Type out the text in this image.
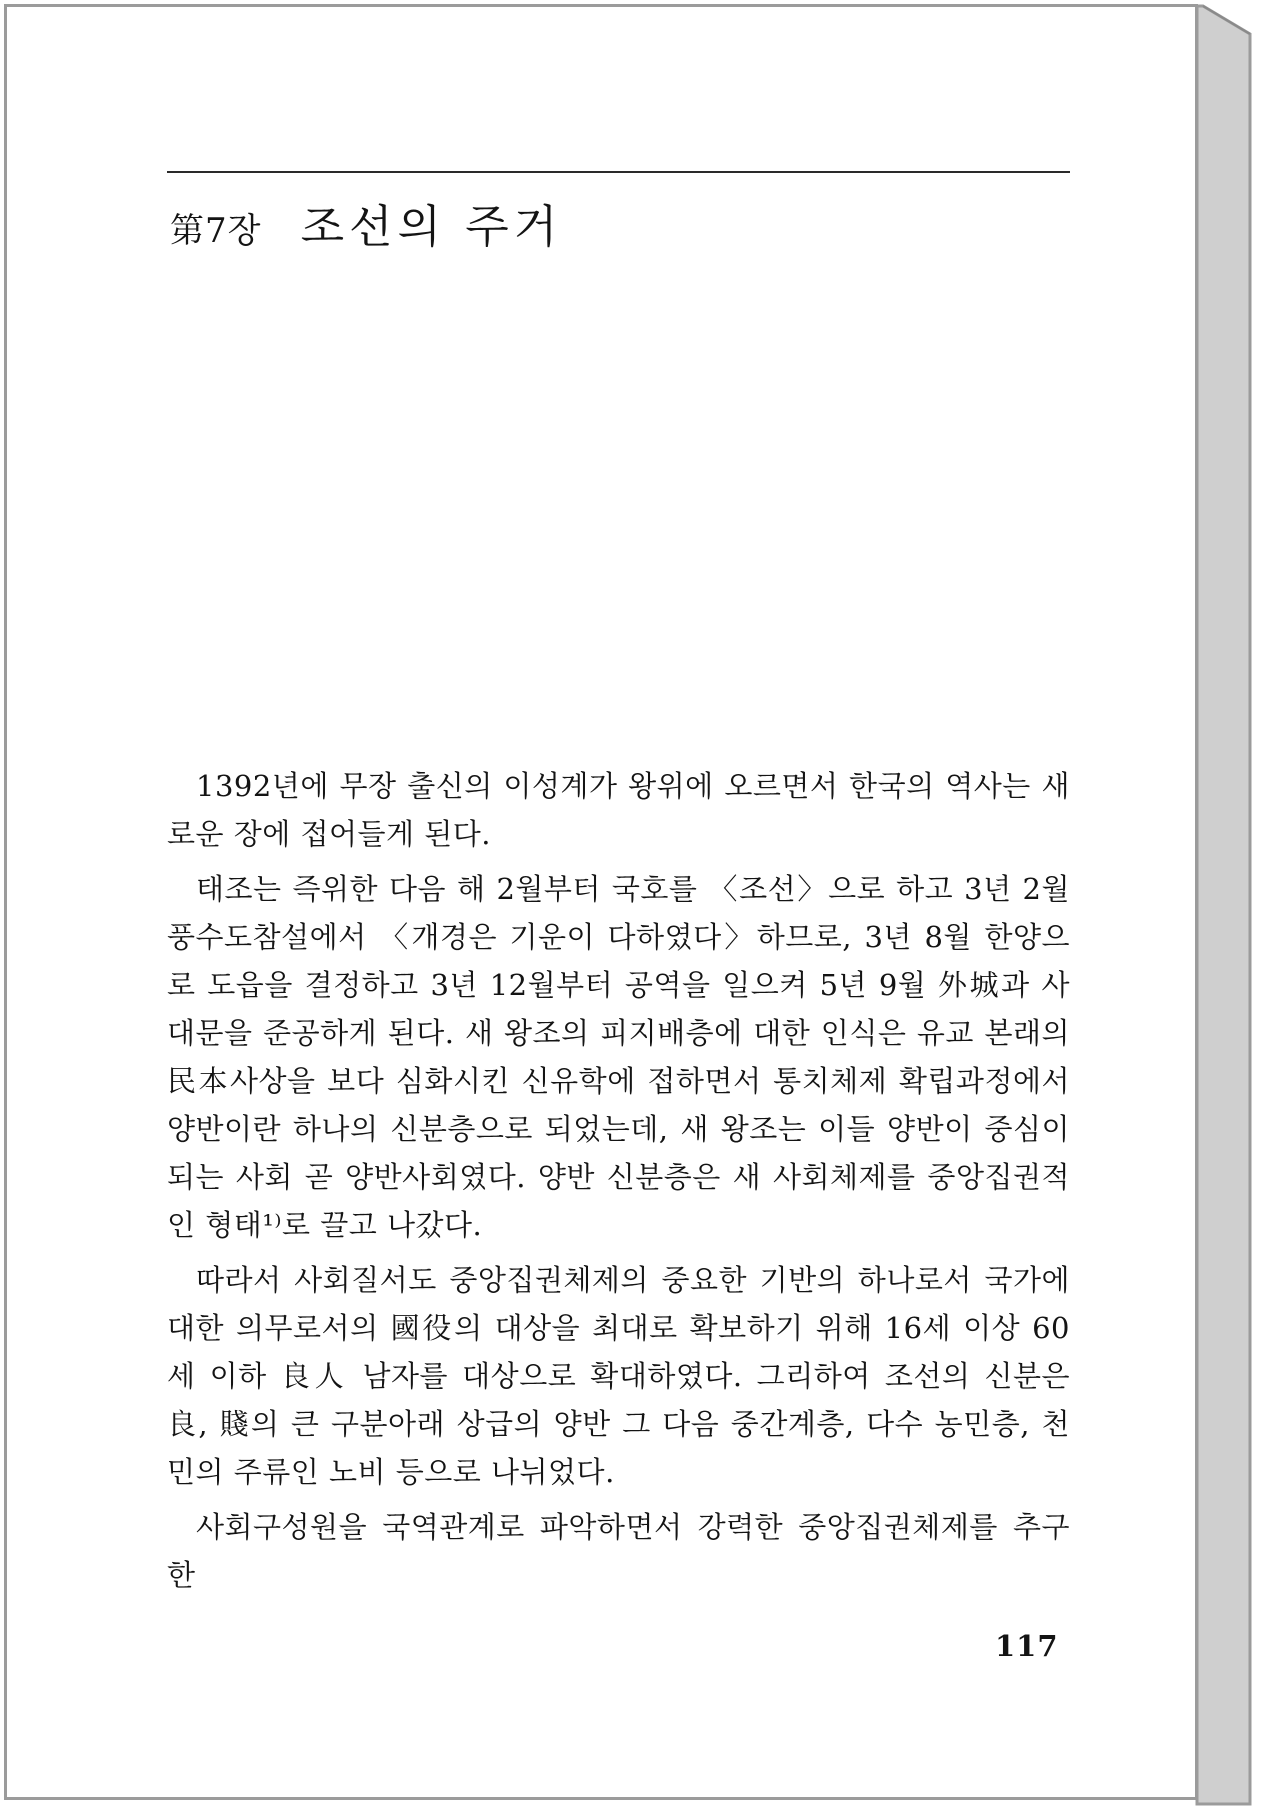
第7장 조선의 주거

1392년에 무장 출신의 이성계가 왕위에 오르면서 한국의 역사는 새로운 장에 접어들게 된다.

태조는 즉위한 다음 해 2월부터 국호를 〈조선〉으로 하고 3년 2월 풍수도참설에서 〈개경은 기운이 다하였다〉하므로, 3년 8월 한양으로 도읍을 결정하고 3년 12월부터 공역을 일으켜 5년 9월 外城과 사대문을 준공하게 된다. 새 왕조의 피지배층에 대한 인식은 유교 본래의 民本사상을 보다 심화시킨 신유학에 접하면서 통치체제 확립과정에서 양반이란 하나의 신분층으로 되었는데, 새 왕조는 이들 양반이 중심이 되는 사회 곧 양반사회였다. 양반 신분층은 새 사회체제를 중앙집권적인 형태¹⁾로 끌고 나갔다.

따라서 사회질서도 중앙집권체제의 중요한 기반의 하나로서 국가에 대한 의무로서의 國役의 대상을 최대로 확보하기 위해 16세 이상 60세 이하 良人 남자를 대상으로 확대하였다. 그리하여 조선의 신분은 良, 賤의 큰 구분아래 상급의 양반 그 다음 중간계층, 다수 농민층, 천민의 주류인 노비 등으로 나뉘었다.

사회구성원을 국역관계로 파악하면서 강력한 중앙집권체제를 추구한

117
